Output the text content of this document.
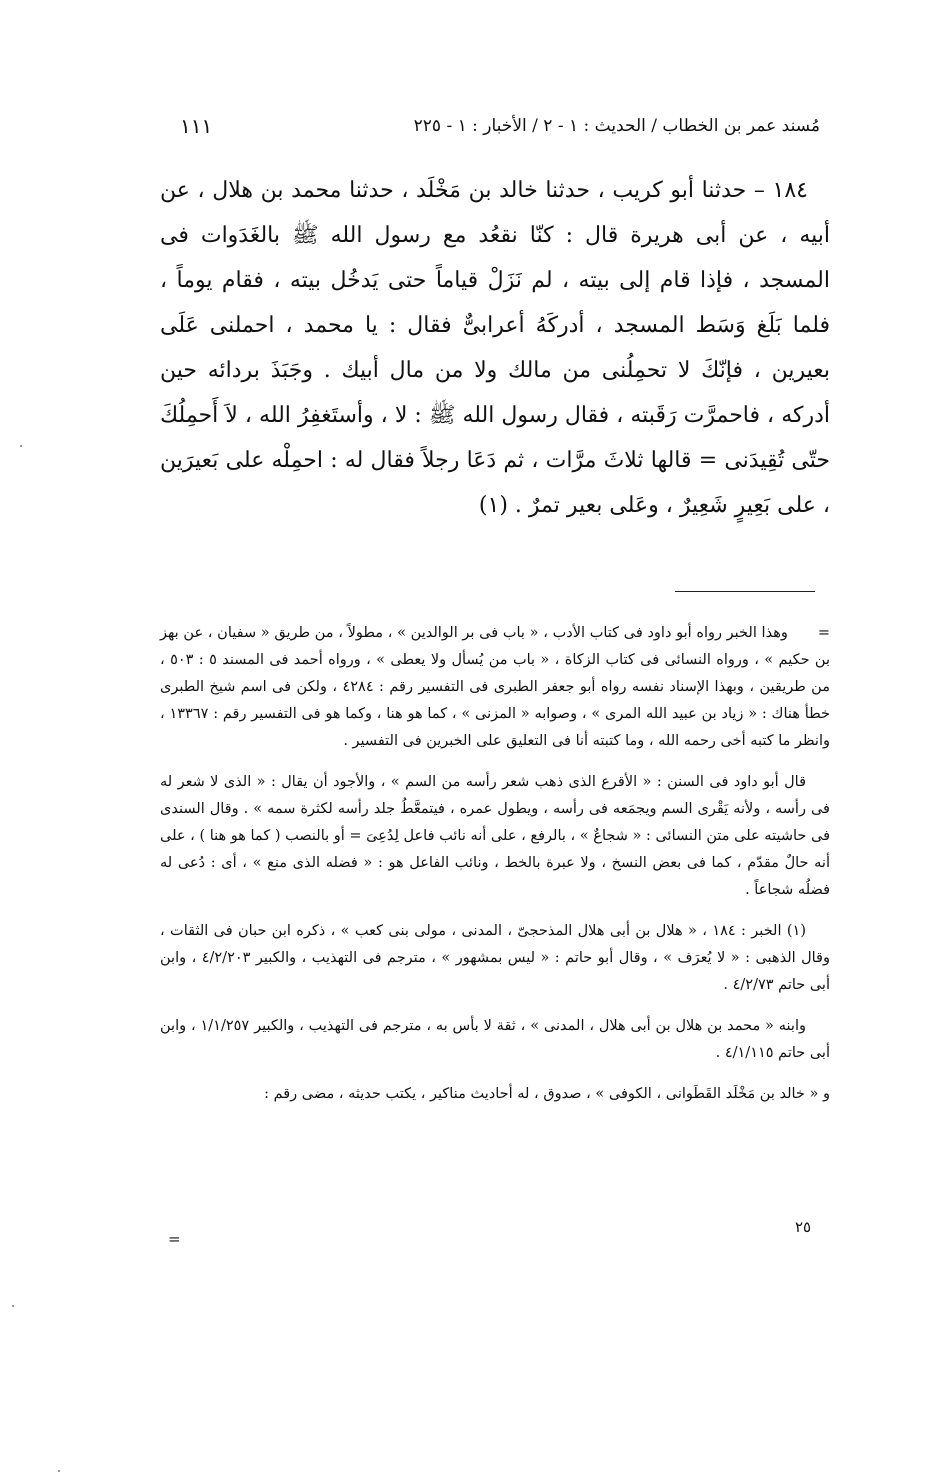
مُسند عمر بن الخطاب / الحديث : ١ - ٢ / الأخبار : ١ - ٢٢٥
١١١

١٨٤ – حدثنا أبو كريب ، حدثنا خالد بن مَخْلَد ، حدثنا محمد بن هلال ، عن أبيه ، عن أبى هريرة قال : كنّا نقعُد مع رسول الله ﷺ بالغَدَوات فى المسجد ، فإذا قام إلى بيته ، لم نَزَلْ قياماً حتى يَدخُل بيته ، فقام يوماً ، فلما بَلَغ وَسَط المسجد ، أدركَهُ أعرابىٌّ فقال : يا محمد ، احملنى عَلَى بعيرين ، فإنّكَ لا تحمِلُنى من مالك ولا من مال أبيك . وجَبَذَ بردائه حين أدركه ، فاحمرَّت رَقَبته ، فقال رسول الله ﷺ : لا ، وأستَغفِرُ الله ، لاَ أَحمِلُكَ حتّى تُقِيدَنى = قالها ثلاثَ مرَّات ، ثم دَعَا رجلاً فقال له : احمِلْه على بَعيرَين ، على بَعِيرٍ شَعِيرٌ ، وعَلى بعير تمرٌ . (١)

=وهذا الخبر رواه أبو داود فى كتاب الأدب ، « باب فى بر الوالدين » ، مطولاً ، من طريق « سفيان ، عن بهز بن حكيم » ، ورواه النسائى فى كتاب الزكاة ، « باب من يُسأل ولا يعطى » ، ورواه أحمد فى المسند ٥ : ٥٠٣ ، من طريقين ، وبهذا الإسناد نفسه رواه أبو جعفر الطبرى فى التفسير رقم : ٤٢٨٤ ، ولكن فى اسم شيخ الطبرى خطأ هناك : « زياد بن عبيد الله المرى » ، وصوابه « المزنى » ، كما هو هنا ، وكما هو فى التفسير رقم : ١٣٣٦٧ ، وانظر ما كتبه أخى رحمه الله ، وما كتبته أنا فى التعليق على الخبرين فى التفسير .

قال أبو داود فى السنن : « الأقرع الذى ذهب شعر رأسه من السم » ، والأجود أن يقال : « الذى لا شعر له فى رأسه ، ولأنه يَقْرى السم ويجمَعه فى رأسه ، ويطول عمره ، فيتمعَّطُ جلد رأسه لكثرة سمه » . وقال السندى فى حاشيته على متن النسائى : « شجاعٌ » ، بالرفع ، على أنه نائب فاعل لِدُعِىَ = أو بالنصب ( كما هو هنا ) ، على أنه حالٌ مقدّم ، كما فى بعض النسخ ، ولا عبرة بالخط ، ونائب الفاعل هو : « فضله الذى منع » ، أى : دُعى له فضلُه شجاعاً .

(١) الخبر : ١٨٤ ، « هلال بن أبى هلال المذحجىّ ، المدنى ، مولى بنى كعب » ، ذكره ابن حبان فى الثقات ، وقال الذهبى : « لا يُعرَف » ، وقال أبو حاتم : « ليس بمشهور » ، مترجم فى التهذيب ، والكبير ٤/٢/٢٠٣ ، وابن أبى حاتم ٤/٢/٧٣ .

وابنه « محمد بن هلال بن أبى هلال ، المدنى » ، ثقة لا بأس به ، مترجم فى التهذيب ، والكبير ١/١/٢٥٧ ، وابن أبى حاتم ٤/١/١١٥ .

و « خالد بن مَخْلَد القَطَوانى ، الكوفى » ، صدوق ، له أحاديث مناكير ، يكتب حديثه ، مضى رقم :

٢٥
=
